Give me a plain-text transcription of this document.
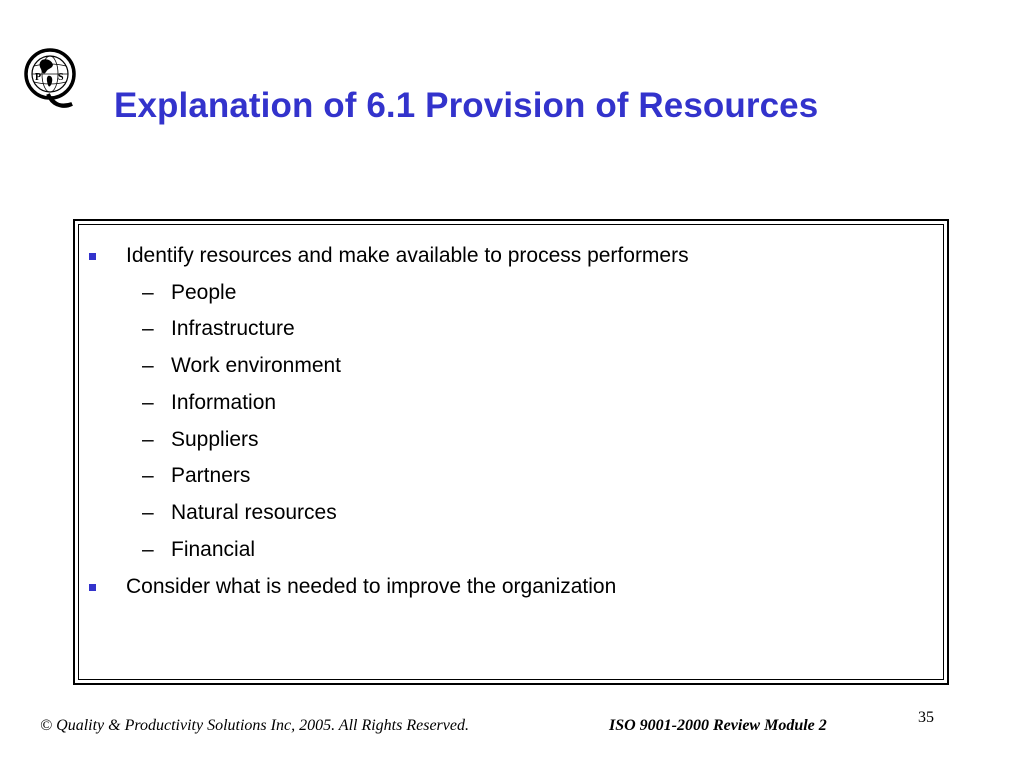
P S
Explanation of 6.1 Provision of Resources
Identify resources and make available to process performers
– People
– Infrastructure
– Work environment
– Information
– Suppliers
– Partners
– Natural resources
– Financial
Consider what is needed to improve the organization
© Quality & Productivity Solutions Inc, 2005. All Rights Reserved.	ISO 9001-2000 Review Module 2	35
